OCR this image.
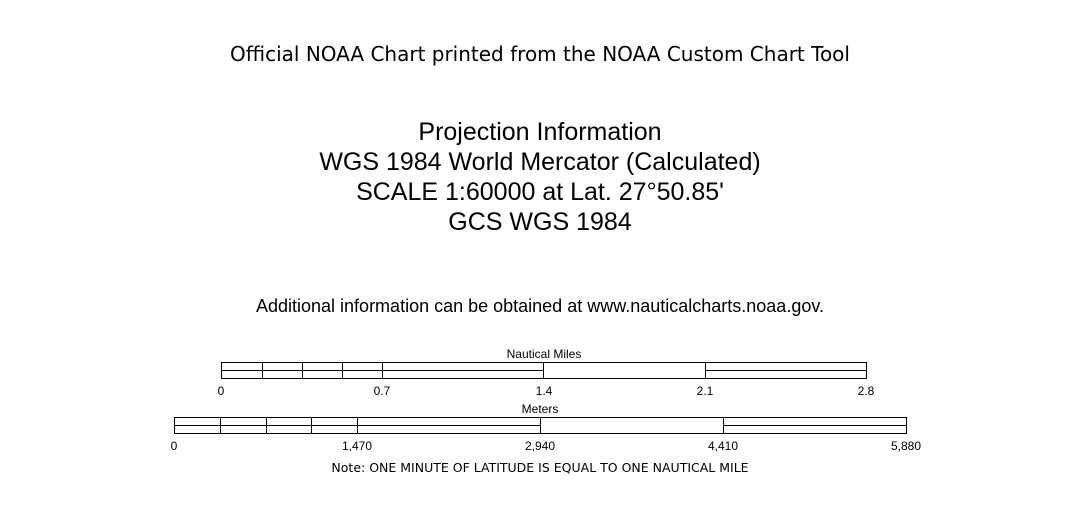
Official NOAA Chart printed from the NOAA Custom Chart Tool
Projection Information
WGS 1984 World Mercator (Calculated)
SCALE 1:60000 at Lat. 27°50.85'
GCS WGS 1984
Additional information can be obtained at www.nauticalcharts.noaa.gov.
Nautical Miles
0	0.7	1.4	2.1	2.8
Meters
0	1,470	2,940	4,410	5,880
Note: ONE MINUTE OF LATITUDE IS EQUAL TO ONE NAUTICAL MILE
